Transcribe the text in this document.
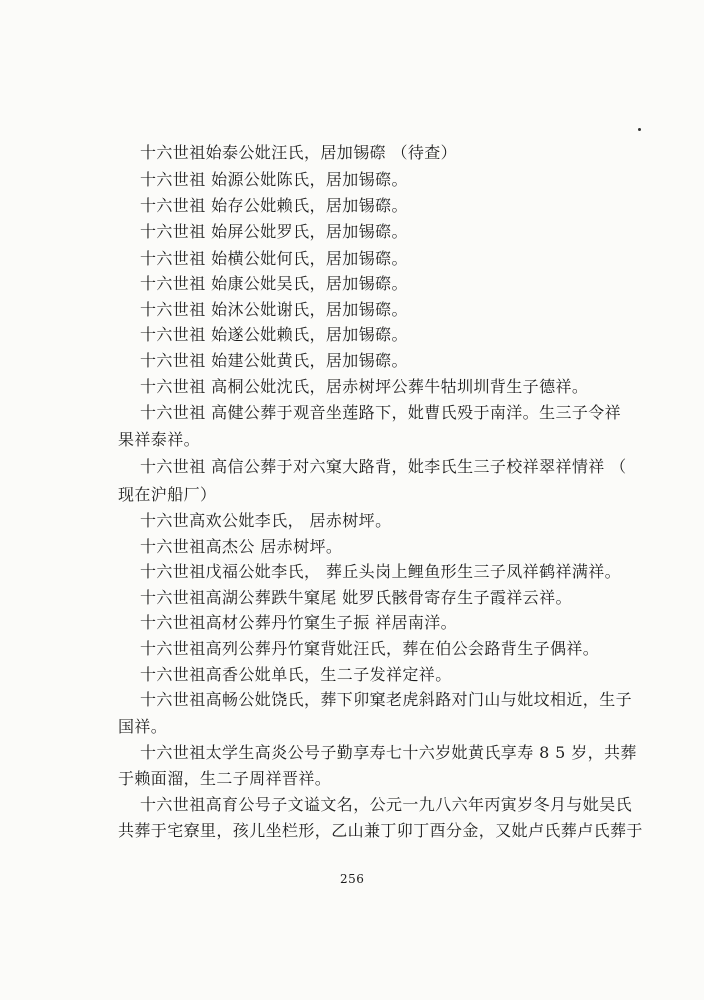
十六世祖始泰公妣汪氏，居加锡磜 （待查）
十六世祖 始源公妣陈氏，居加锡磜。
十六世祖 始存公妣赖氏，居加锡磜。
十六世祖 始屏公妣罗氏，居加锡磜。
十六世祖 始横公妣何氏，居加锡磜。
十六世祖 始康公妣吴氏，居加锡磜。
十六世祖 始沐公妣谢氏，居加锡磜。
十六世祖 始遂公妣赖氏，居加锡磜。
十六世祖 始建公妣黄氏，居加锡磜。
十六世祖 高桐公妣沈氏，居赤树坪公葬牛牯圳圳背生子德祥。
十六世祖 高健公葬于观音坐莲路下，妣曹氏殁于南洋。生三子令祥
果祥泰祥。
十六世祖 高信公葬于对六窠大路背，妣李氏生三子校祥翠祥情祥 （
现在沪船厂）
十六世高欢公妣李氏， 居赤树坪。
十六世祖高杰公 居赤树坪。
十六世祖戊福公妣李氏， 葬丘头岗上鲤鱼形生三子凤祥鹤祥满祥。
十六世祖高湖公葬跌牛窠尾 妣罗氏骸骨寄存生子霞祥云祥。
十六世祖高材公葬丹竹窠生子振 祥居南洋。
十六世祖高列公葬丹竹窠背妣汪氏，葬在伯公会路背生子偶祥。
十六世祖高香公妣单氏，生二子发祥定祥。
十六世祖高畅公妣饶氏，葬下卯窠老虎斜路对门山与妣坟相近，生子
国祥。
十六世祖太学生高炎公号子勤享寿七十六岁妣黄氏享寿 8 5 岁，共葬
于赖面溜，生二子周祥晋祥。
十六世祖高育公号子文谥文名，公元一九八六年丙寅岁冬月与妣吴氏
共葬于宅寮里，孩儿坐栏形，乙山兼丁卯丁酉分金，又妣卢氏葬卢氏葬于
256
